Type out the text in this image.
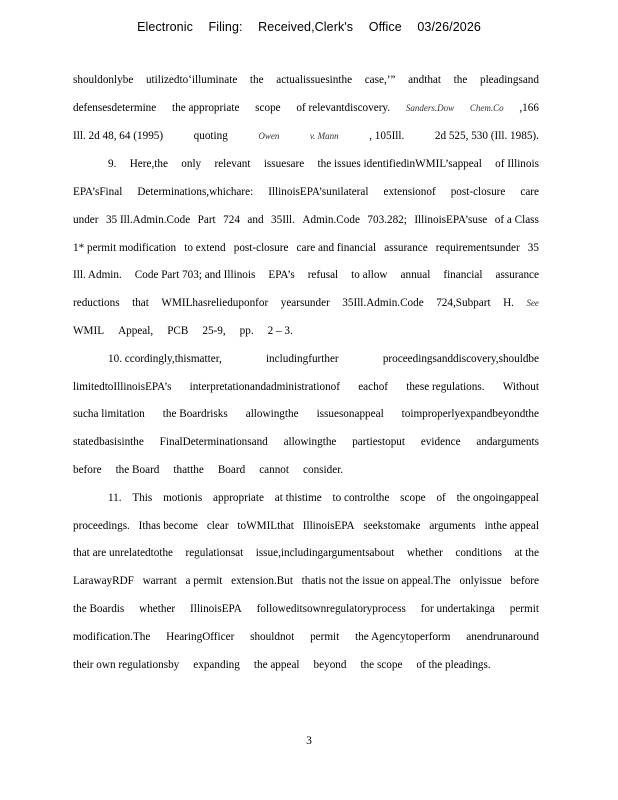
Electronic Filing: Received,Clerk's Office 03/26/2026
shouldonlybe utilizedto‘illuminate the actualissuesinthe case,’” andthat the pleadingsand
defensesdetermine the appropriate scope of relevantdiscovery. Sanders.Dow Chem.Co ,166
Ill. 2d 48, 64 (1995)	quoting	Owen	v. Mann	, 105Ill.	2d 525, 530 (Ill. 1985).
9. Here,the only relevant issuesare the issues identifiedinWMIL’sappeal of Illinois
EPA’sFinal Determinations,whichare: IllinoisEPA’sunilateral extensionof post-closure care
under 35 Ill.Admin.Code Part 724 and 35Ill. Admin.Code 703.282; IllinoisEPA’suse of a Class
1* permit modification to extend post-closure care and financial assurance requirementsunder 35
Ill. Admin. Code Part 703; and Illinois EPA’s refusal to allow annual financial assurance
reductions that WMILhasrelieduponfor yearsunder 35Ill.Admin.Code 724,Subpart H. See
WMIL Appeal, PCB 25-9, pp. 2 – 3.
10. ccordingly,thismatter,	includingfurther	proceedingsanddiscovery,shouldbe
limitedtoIllinoisEPA’s interpretationandadministrationof eachof these regulations. Without
sucha limitation the Boardrisks allowingthe issuesonappeal toimproperlyexpandbeyondthe
statedbasisinthe FinalDeterminationsand allowingthe partiestoput evidence andarguments
before the Board thatthe Board cannot consider.
11. This motionis appropriate at thistime to controlthe scope of the ongoingappeal
proceedings. Ithas become clear toWMILthat IllinoisEPA seekstomake arguments inthe appeal
that are unrelatedtothe regulationsat issue,includingargumentsabout whether conditions at the
LarawayRDF warrant a permit extension.But thatis not the issue on appeal.The onlyissue before
the Boardis whether IllinoisEPA followeditsownregulatoryprocess for undertakinga permit
modification.The HearingOfficer shouldnot permit the Agencytoperform anendrunaround
their own regulationsby expanding the appeal beyond the scope of the pleadings.
3
